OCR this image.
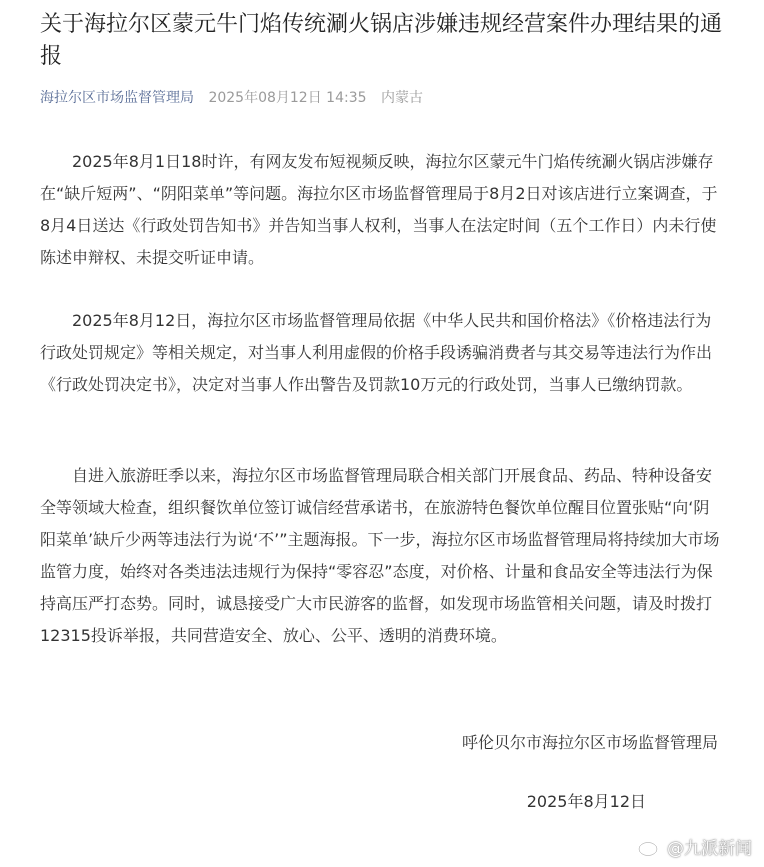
关于海拉尔区蒙元牛门焰传统涮火锅店涉嫌违规经营案件办理结果的通报
海拉尔区市场监督管理局 2025年08月12日 14:35 内蒙古

2025年8月1日18时许，有网友发布短视频反映，海拉尔区蒙元牛门焰传统涮火锅店涉嫌存在“缺斤短两”、“阴阳菜单”等问题。海拉尔区市场监督管理局于8月2日对该店进行立案调查，于8月4日送达《行政处罚告知书》并告知当事人权利，当事人在法定时间（五个工作日）内未行使陈述申辩权、未提交听证申请。

2025年8月12日，海拉尔区市场监督管理局依据《中华人民共和国价格法》《价格违法行为行政处罚规定》等相关规定，对当事人利用虚假的价格手段诱骗消费者与其交易等违法行为作出《行政处罚决定书》，决定对当事人作出警告及罚款10万元的行政处罚，当事人已缴纳罚款。

自进入旅游旺季以来，海拉尔区市场监督管理局联合相关部门开展食品、药品、特种设备安全等领域大检查，组织餐饮单位签订诚信经营承诺书，在旅游特色餐饮单位醒目位置张贴“向‘阴阳菜单’缺斤少两等违法行为说‘不’”主题海报。下一步，海拉尔区市场监督管理局将持续加大市场监管力度，始终对各类违法违规行为保持“零容忍”态度，对价格、计量和食品安全等违法行为保持高压严打态势。同时，诚恳接受广大市民游客的监督，如发现市场监管相关问题，请及时拨打12315投诉举报，共同营造安全、放心、公平、透明的消费环境。

呼伦贝尔市海拉尔区市场监督管理局
2025年8月12日
@九派新闻
